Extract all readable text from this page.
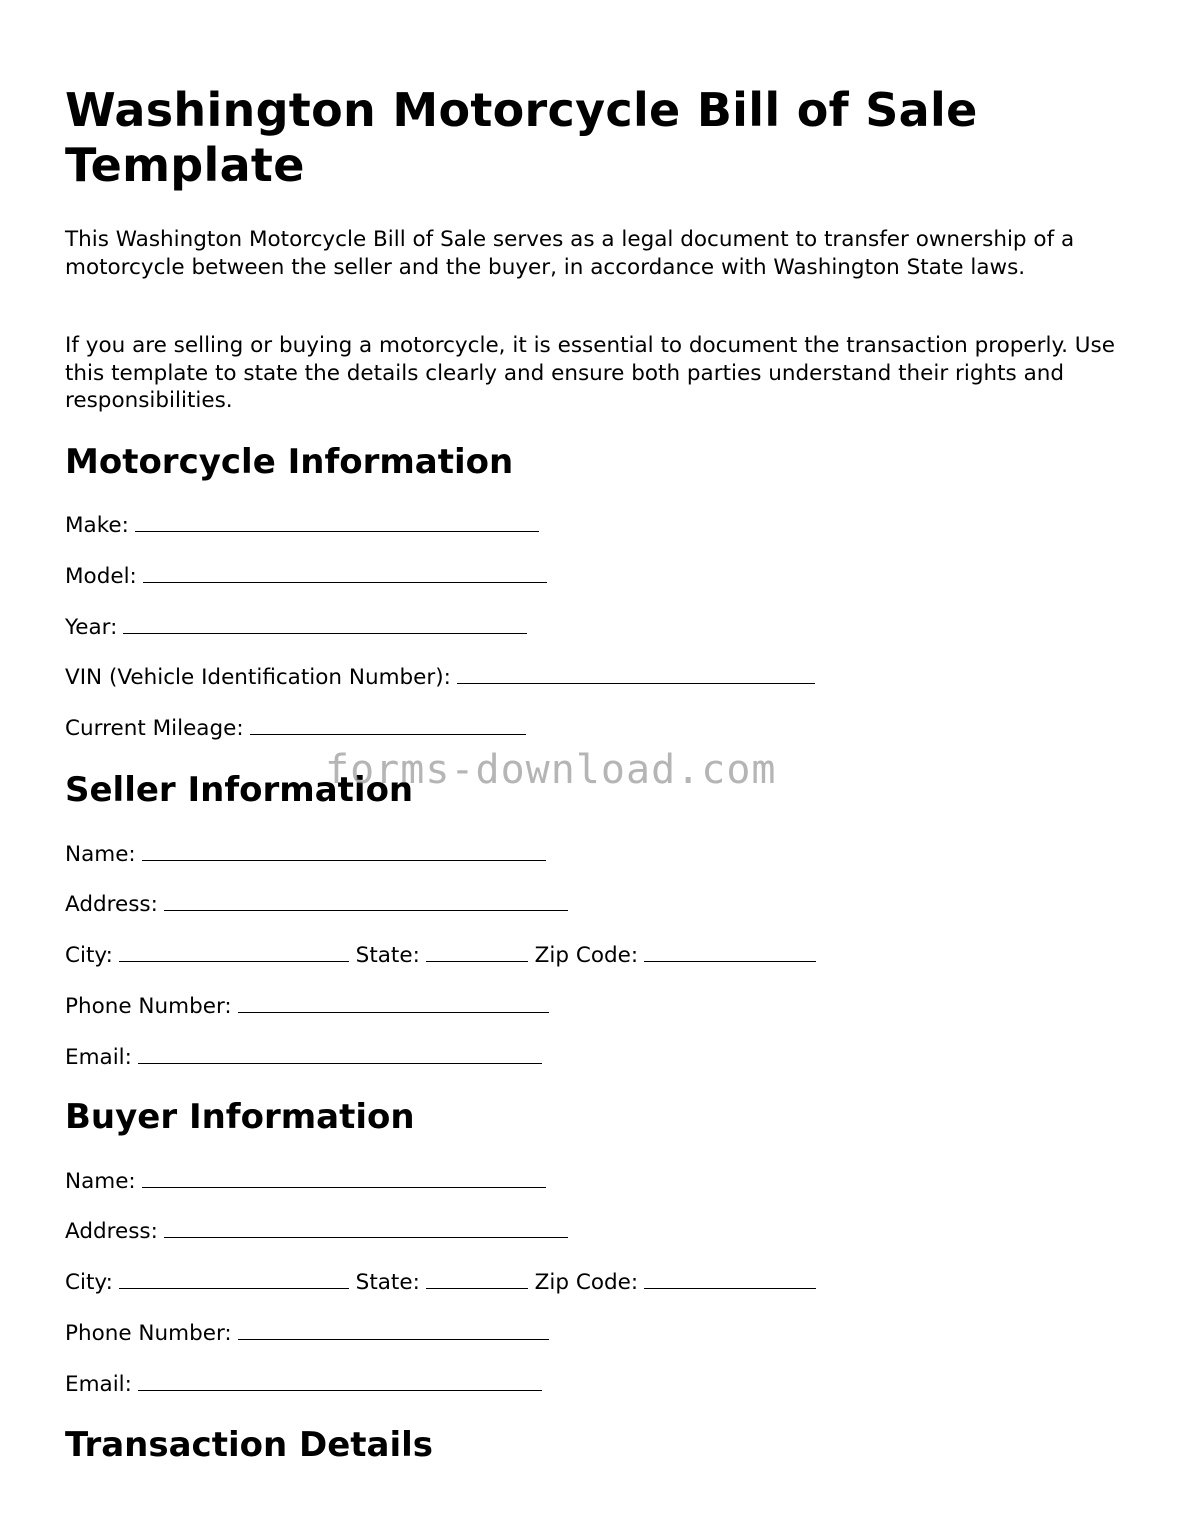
Washington Motorcycle Bill of Sale Template

This Washington Motorcycle Bill of Sale serves as a legal document to transfer ownership of a motorcycle between the seller and the buyer, in accordance with Washington State laws.

If you are selling or buying a motorcycle, it is essential to document the transaction properly. Use this template to state the details clearly and ensure both parties understand their rights and responsibilities.

Motorcycle Information
Make:
Model:
Year:
VIN (Vehicle Identification Number):
Current Mileage:
Seller Information
Name:
Address:
City:	State:	Zip Code:
Phone Number:
Email:
Buyer Information
Name:
Address:
City:	State:	Zip Code:
Phone Number:
Email:
Transaction Details
forms-download.com
